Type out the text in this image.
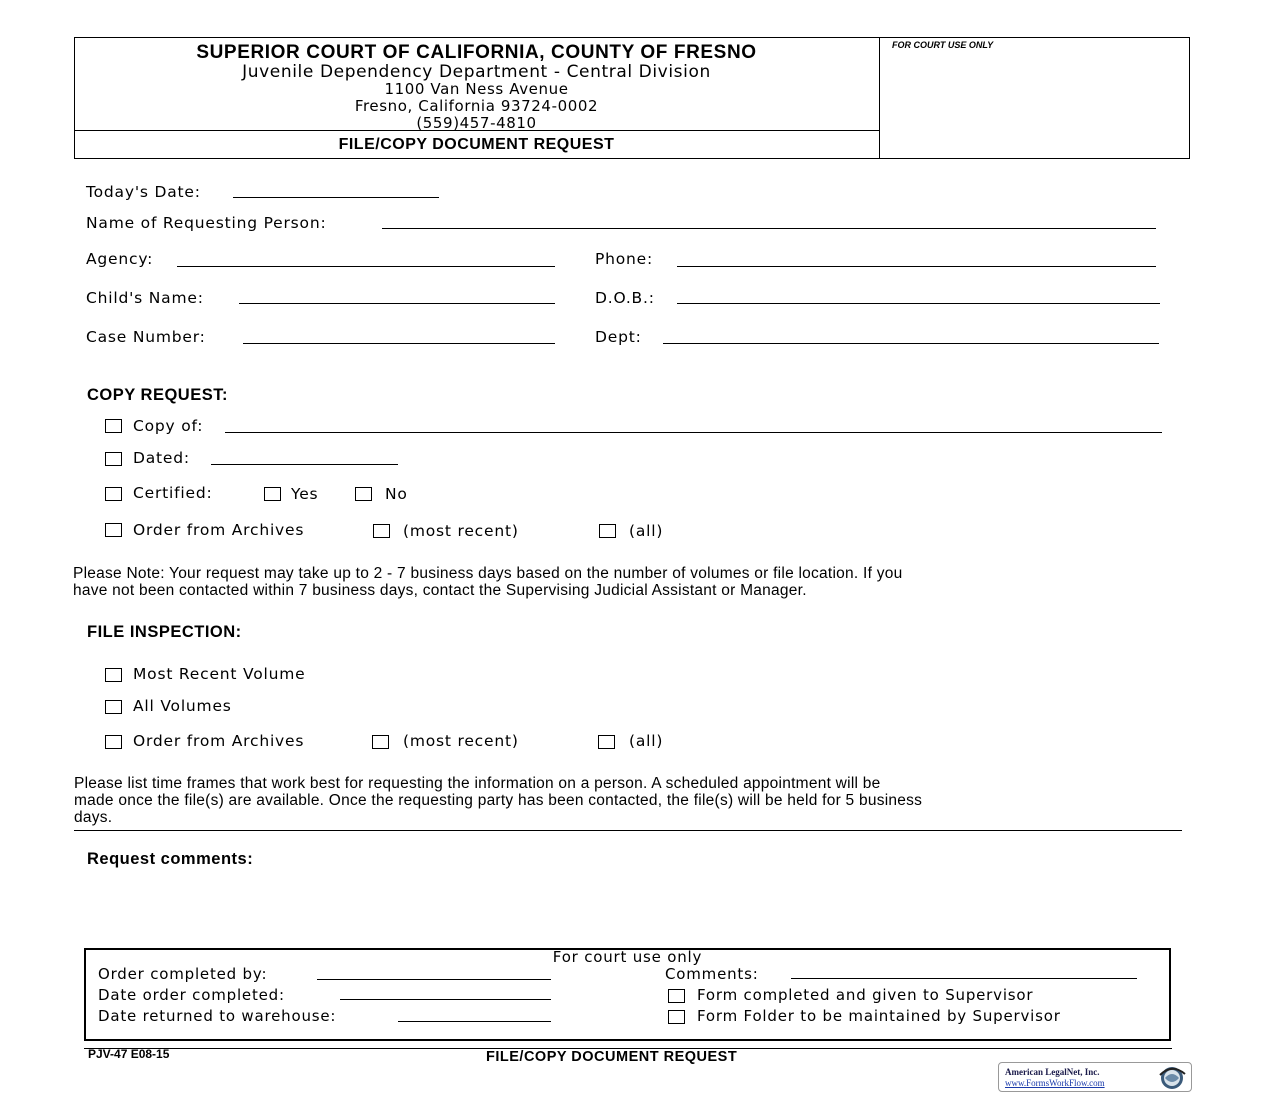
SUPERIOR COURT OF CALIFORNIA, COUNTY OF FRESNO
Juvenile Dependency Department - Central Division
1100 Van Ness Avenue
Fresno, California 93724-0002
(559)457-4810
FILE/COPY DOCUMENT REQUEST
FOR COURT USE ONLY
Today's Date:
Name of Requesting Person:
Agency:	Phone:
Child's Name:	D.O.B.:
Case Number:	Dept:
COPY REQUEST:
Copy of:
Dated:
Certified:	Yes	No
Order from Archives	(most recent)	(all)
Please Note: Your request may take up to 2 - 7 business days based on the number of volumes or file location. If you
have not been contacted within 7 business days, contact the Supervising Judicial Assistant or Manager.
FILE INSPECTION:
Most Recent Volume
All Volumes
Order from Archives	(most recent)	(all)
Please list time frames that work best for requesting the information on a person. A scheduled appointment will be
made once the file(s) are available. Once the requesting party has been contacted, the file(s) will be held for 5 business
days.
Request comments:
For court use only
Order completed by:
Date order completed:
Date returned to warehouse:
Comments:
Form completed and given to Supervisor
Form Folder to be maintained by Supervisor
PJV-47 E08-15	FILE/COPY DOCUMENT REQUEST
American LegalNet, Inc.
www.FormsWorkFlow.com
